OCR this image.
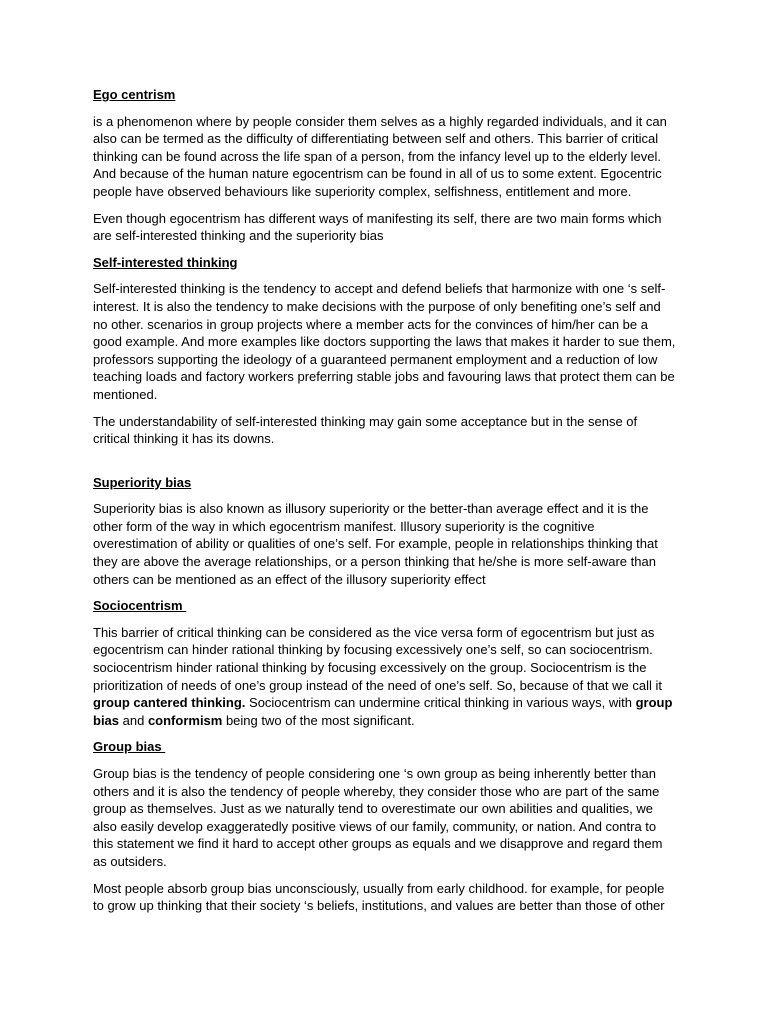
Ego centrism

is a phenomenon where by people consider them selves as a highly regarded individuals, and it can also can be termed as the difficulty of differentiating between self and others. This barrier of critical thinking can be found across the life span of a person, from the infancy level up to the elderly level. And because of the human nature egocentrism can be found in all of us to some extent. Egocentric people have observed behaviours like superiority complex, selfishness, entitlement and more.

Even though egocentrism has different ways of manifesting its self, there are two main forms which are self-interested thinking and the superiority bias

Self-interested thinking

Self-interested thinking is the tendency to accept and defend beliefs that harmonize with one ‘s self-interest. It is also the tendency to make decisions with the purpose of only benefiting one’s self and no other. scenarios in group projects where a member acts for the convinces of him/her can be a good example. And more examples like doctors supporting the laws that makes it harder to sue them, professors supporting the ideology of a guaranteed permanent employment and a reduction of low teaching loads and factory workers preferring stable jobs and favouring laws that protect them can be mentioned.

The understandability of self-interested thinking may gain some acceptance but in the sense of critical thinking it has its downs.

Superiority bias

Superiority bias is also known as illusory superiority or the better-than average effect and it is the other form of the way in which egocentrism manifest. Illusory superiority is the cognitive overestimation of ability or qualities of one’s self. For example, people in relationships thinking that they are above the average relationships, or a person thinking that he/she is more self-aware than others can be mentioned as an effect of the illusory superiority effect

Sociocentrism

This barrier of critical thinking can be considered as the vice versa form of egocentrism but just as egocentrism can hinder rational thinking by focusing excessively one’s self, so can sociocentrism. sociocentrism hinder rational thinking by focusing excessively on the group. Sociocentrism is the prioritization of needs of one’s group instead of the need of one’s self. So, because of that we call it group cantered thinking. Sociocentrism can undermine critical thinking in various ways, with group bias and conformism being two of the most significant.

Group bias

Group bias is the tendency of people considering one ‘s own group as being inherently better than others and it is also the tendency of people whereby, they consider those who are part of the same group as themselves. Just as we naturally tend to overestimate our own abilities and qualities, we also easily develop exaggeratedly positive views of our family, community, or nation. And contra to this statement we find it hard to accept other groups as equals and we disapprove and regard them as outsiders.

Most people absorb group bias unconsciously, usually from early childhood. for example, for people to grow up thinking that their society ‘s beliefs, institutions, and values are better than those of other
